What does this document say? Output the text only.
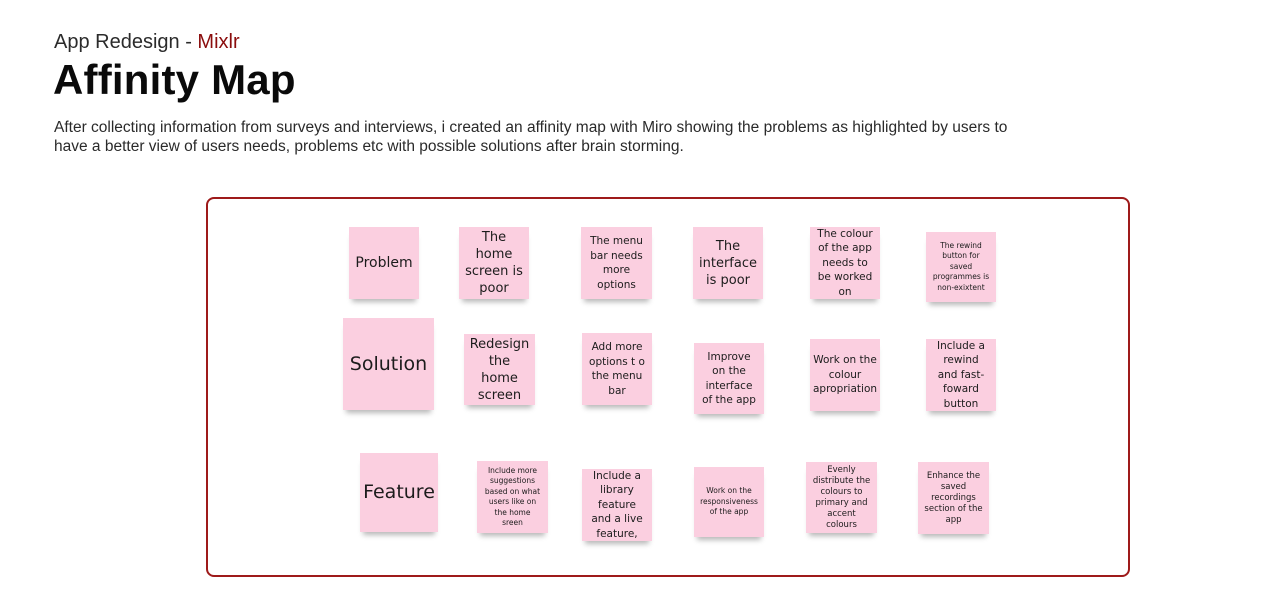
App Redesign - Mixlr
Affinity Map

After collecting information from surveys and interviews, i created an affinity map with Miro showing the problems as highlighted by users to have a better view of users needs, problems etc with possible solutions after brain storming.

Problem
The home screen is poor
The menu bar needs more options
The interface is poor
The colour of the app needs to be worked on
The rewind button for saved programmes is non-exixtent
Solution
Redesign the home screen
Add more options t o the menu bar
Improve on the interface of the app
Work on the colour apropriation
Include a rewind and fast-foward button
Feature
Include more suggestions based on what users like on the home sreen
Include a library feature and a live feature,
Work on the responsiveness of the app
Evenly distribute the colours to primary and accent colours
Enhance the saved recordings section of the app
